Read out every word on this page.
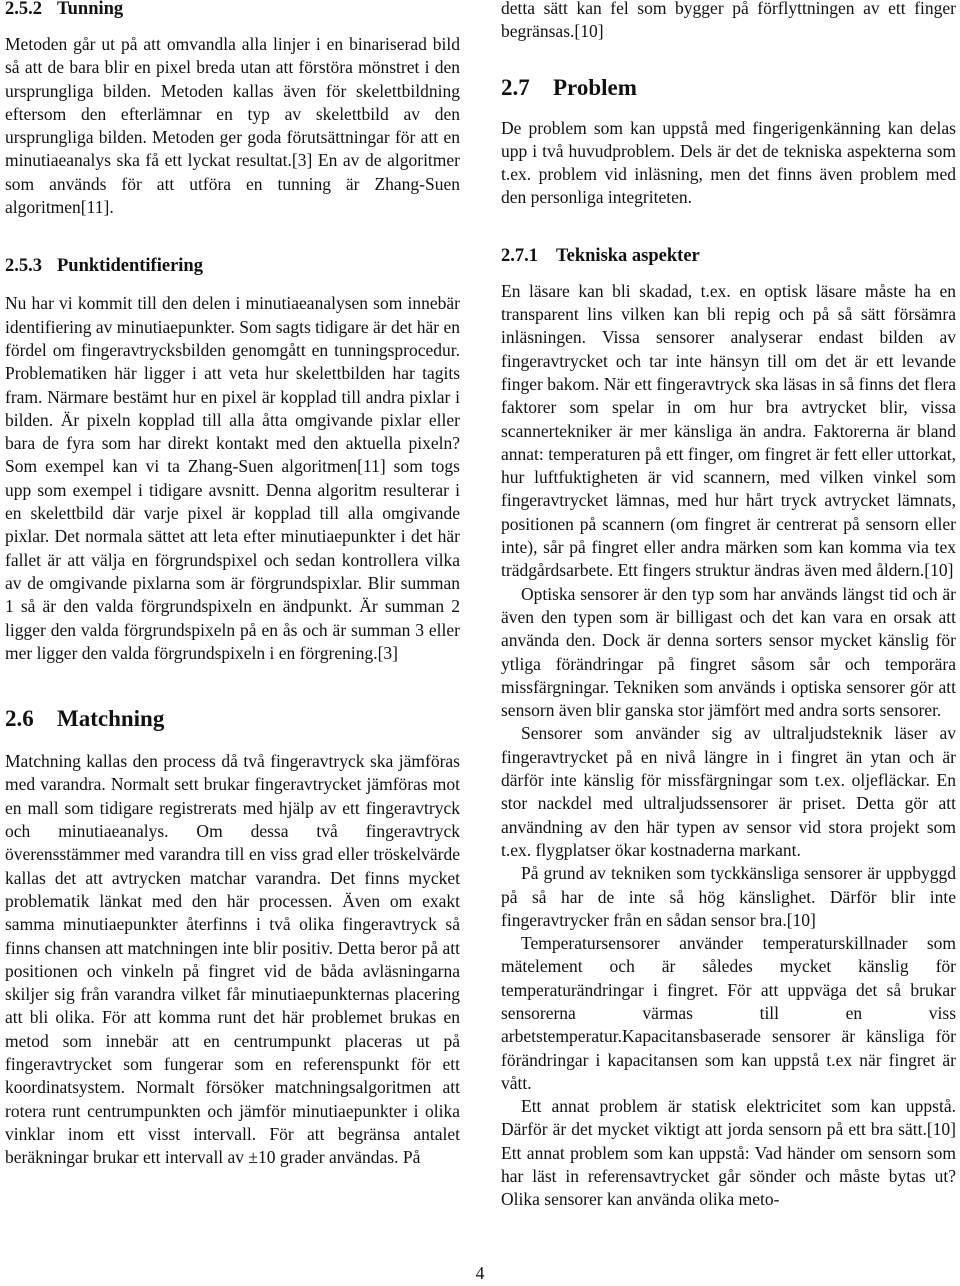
2.5.2 Tunning

Metoden går ut på att omvandla alla linjer i en binariserad bild så att de bara blir en pixel breda utan att förstöra mönstret i den ursprungliga bilden. Metoden kallas även för skelettbildning eftersom den efterlämnar en typ av skelettbild av den ursprungliga bilden. Metoden ger goda förutsättningar för att en minutiaeanalys ska få ett lyckat resultat.[3] En av de algoritmer som används för att utföra en tunning är Zhang-Suen algoritmen[11].

2.5.3 Punktidentifiering

Nu har vi kommit till den delen i minutiaeanalysen som innebär identifiering av minutiaepunkter. Som sagts tidigare är det här en fördel om fingeravtrycksbilden genomgått en tunningsprocedur. Problematiken här ligger i att veta hur skelettbilden har tagits fram. Närmare bestämt hur en pixel är kopplad till andra pixlar i bilden. Är pixeln kopplad till alla åtta omgivande pixlar eller bara de fyra som har direkt kontakt med den aktuella pixeln? Som exempel kan vi ta Zhang-Suen algoritmen[11] som togs upp som exempel i tidigare avsnitt. Denna algoritm resulterar i en skelettbild där varje pixel är kopplad till alla omgivande pixlar. Det normala sättet att leta efter minutiaepunkter i det här fallet är att välja en förgrundspixel och sedan kontrollera vilka av de omgivande pixlarna som är förgrundspixlar. Blir summan 1 så är den valda förgrundspixeln en ändpunkt. Är summan 2 ligger den valda förgrundspixeln på en ås och är summan 3 eller mer ligger den valda förgrundspixeln i en förgrening.[3]

2.6 Matchning

Matchning kallas den process då två fingeravtryck ska jämföras med varandra. Normalt sett brukar fingeravtrycket jämföras mot en mall som tidigare registrerats med hjälp av ett fingeravtryck och minutiaeanalys. Om dessa två fingeravtryck överensstämmer med varandra till en viss grad eller tröskelvärde kallas det att avtrycken matchar varandra. Det finns mycket problematik länkat med den här processen. Även om exakt samma minutiaepunkter återfinns i två olika fingeravtryck så finns chansen att matchningen inte blir positiv. Detta beror på att positionen och vinkeln på fingret vid de båda avläsningarna skiljer sig från varandra vilket får minutiaepunkternas placering att bli olika. För att komma runt det här problemet brukas en metod som innebär att en centrumpunkt placeras ut på fingeravtrycket som fungerar som en referenspunkt för ett koordinatsystem. Normalt försöker matchningsalgoritmen att rotera runt centrumpunkten och jämför minutiaepunkter i olika vinklar inom ett visst intervall. För att begränsa antalet beräkningar brukar ett intervall av ±10 grader användas. På

detta sätt kan fel som bygger på förflyttningen av ett finger begränsas.[10]

2.7 Problem

De problem som kan uppstå med fingerigenkänning kan delas upp i två huvudproblem. Dels är det de tekniska aspekterna som t.ex. problem vid inläsning, men det finns även problem med den personliga integriteten.

2.7.1 Tekniska aspekter

En läsare kan bli skadad, t.ex. en optisk läsare måste ha en transparent lins vilken kan bli repig och på så sätt försämra inläsningen. Vissa sensorer analyserar endast bilden av fingeravtrycket och tar inte hänsyn till om det är ett levande finger bakom. När ett fingeravtryck ska läsas in så finns det flera faktorer som spelar in om hur bra avtrycket blir, vissa scannertekniker är mer känsliga än andra. Faktorerna är bland annat: temperaturen på ett finger, om fingret är fett eller uttorkat, hur luftfuktigheten är vid scannern, med vilken vinkel som fingeravtrycket lämnas, med hur hårt tryck avtrycket lämnats, positionen på scannern (om fingret är centrerat på sensorn eller inte), sår på fingret eller andra märken som kan komma via tex trädgårdsarbete. Ett fingers struktur ändras även med åldern.[10]

Optiska sensorer är den typ som har används längst tid och är även den typen som är billigast och det kan vara en orsak att använda den. Dock är denna sorters sensor mycket känslig för ytliga förändringar på fingret såsom sår och temporära missfärgningar. Tekniken som används i optiska sensorer gör att sensorn även blir ganska stor jämfört med andra sorts sensorer.

Sensorer som använder sig av ultraljudsteknik läser av fingeravtrycket på en nivå längre in i fingret än ytan och är därför inte känslig för missfärgningar som t.ex. oljefläckar. En stor nackdel med ultraljudssensorer är priset. Detta gör att användning av den här typen av sensor vid stora projekt som t.ex. flygplatser ökar kostnaderna markant.

På grund av tekniken som tyckkänsliga sensorer är uppbyggd på så har de inte så hög känslighet. Därför blir inte fingeravtrycker från en sådan sensor bra.[10]

Temperatursensorer använder temperaturskillnader som mätelement och är således mycket känslig för temperaturändringar i fingret. För att uppväga det så brukar sensorerna värmas till en viss arbetstemperatur.Kapacitansbaserade sensorer är känsliga för förändringar i kapacitansen som kan uppstå t.ex när fingret är vått.

Ett annat problem är statisk elektricitet som kan uppstå. Därför är det mycket viktigt att jorda sensorn på ett bra sätt.[10] Ett annat problem som kan uppstå: Vad händer om sensorn som har läst in referensavtrycket går sönder och måste bytas ut? Olika sensorer kan använda olika meto-

4
